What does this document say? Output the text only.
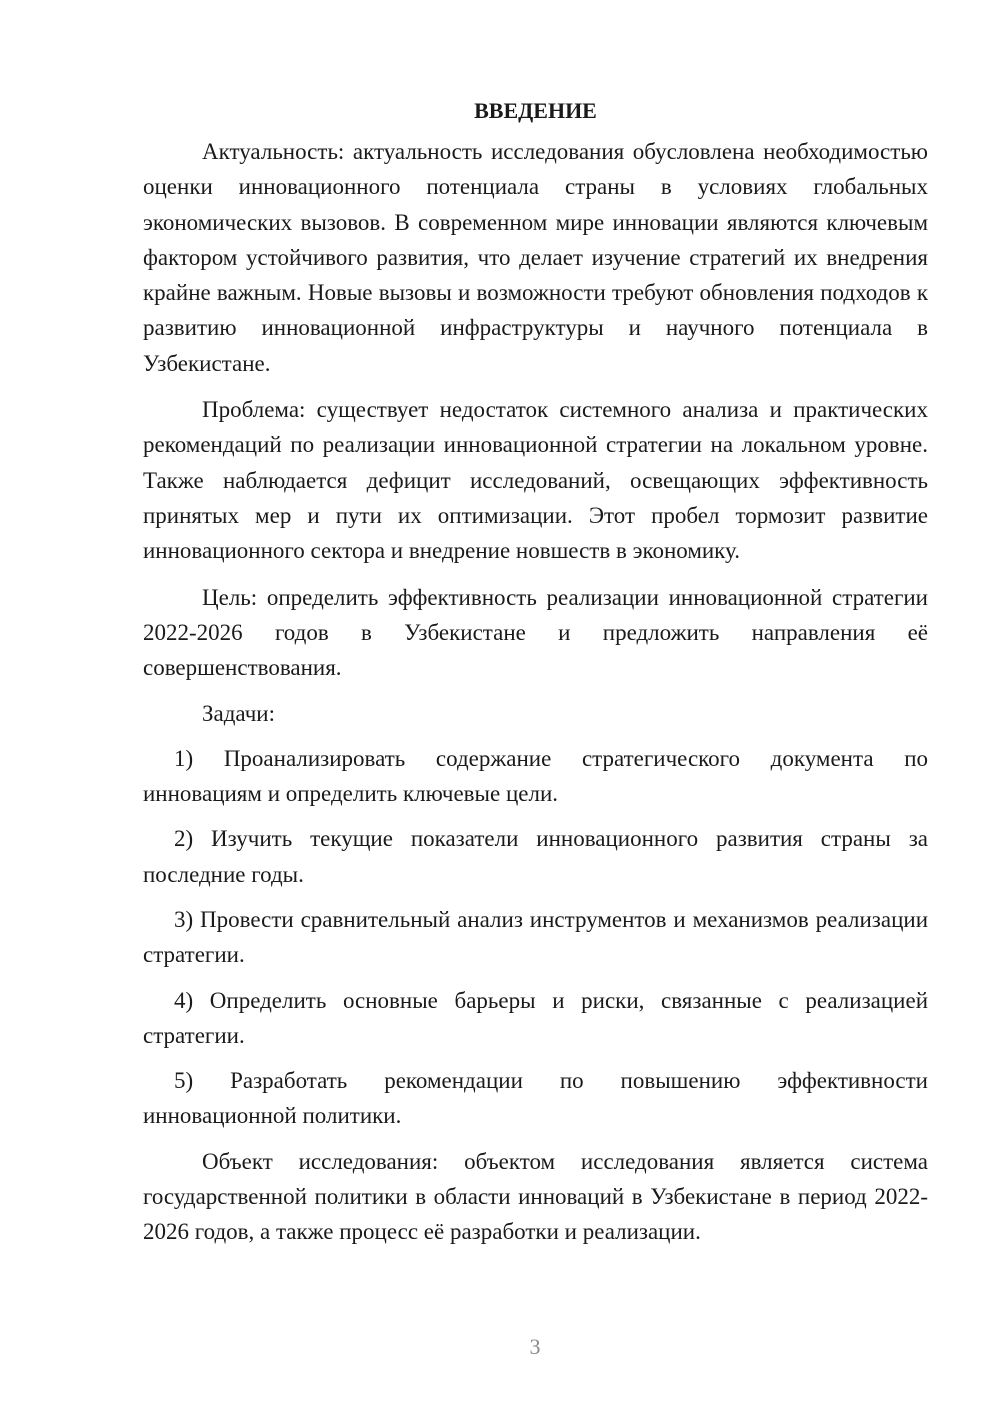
ВВЕДЕНИЕ

Актуальность: актуальность исследования обусловлена необходимостью оценки инновационного потенциала страны в условиях глобальных экономических вызовов. В современном мире инновации являются ключевым фактором устойчивого развития, что делает изучение стратегий их внедрения крайне важным. Новые вызовы и возможности требуют обновления подходов к развитию инновационной инфраструктуры и научного потенциала в Узбекистане.

Проблема: существует недостаток системного анализа и практических рекомендаций по реализации инновационной стратегии на локальном уровне. Также наблюдается дефицит исследований, освещающих эффективность принятых мер и пути их оптимизации. Этот пробел тормозит развитие инновационного сектора и внедрение новшеств в экономику.

Цель: определить эффективность реализации инновационной стратегии 2022-2026 годов в Узбекистане и предложить направления её совершенствования.

Задачи:

1) Проанализировать содержание стратегического документа по инновациям и определить ключевые цели.

2) Изучить текущие показатели инновационного развития страны за последние годы.

3) Провести сравнительный анализ инструментов и механизмов реализации стратегии.

4) Определить основные барьеры и риски, связанные с реализацией стратегии.

5) Разработать рекомендации по повышению эффективности инновационной политики.

Объект исследования: объектом исследования является система государственной политики в области инноваций в Узбекистане в период 2022-2026 годов, а также процесс её разработки и реализации.

3
